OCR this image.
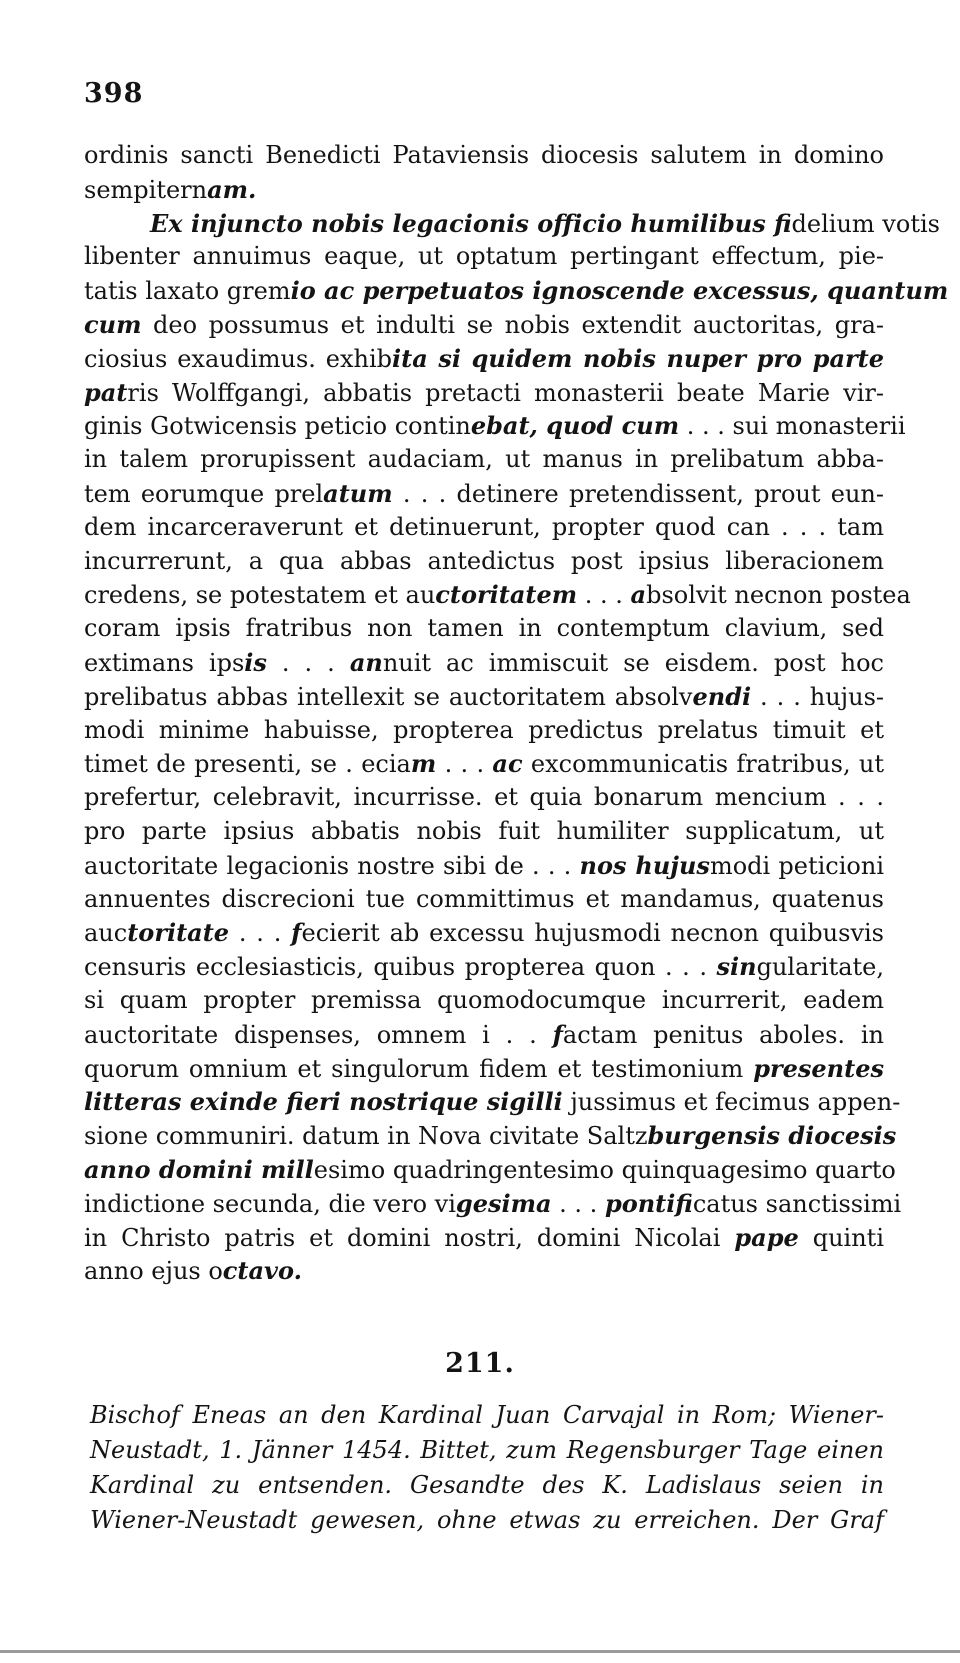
398
ordinis sancti Benedicti Pataviensis diocesis salutem in domino
sempiternam.
Ex injuncto nobis legacionis officio humilibus fidelium votis
libenter annuimus eaque, ut optatum pertingant effectum, pie-
tatis laxato gremio ac perpetuatos ignoscende excessus, quantum
cum deo possumus et indulti se nobis extendit auctoritas, gra-
ciosius exaudimus. exhibita si quidem nobis nuper pro parte
patris Wolffgangi, abbatis pretacti monasterii beate Marie vir-
ginis Gotwicensis peticio continebat, quod cum . . . sui monasterii
in talem prorupissent audaciam, ut manus in prelibatum abba-
tem eorumque prelatum . . . detinere pretendissent, prout eun-
dem incarceraverunt et detinuerunt, propter quod can . . . tam
incurrerunt, a qua abbas antedictus post ipsius liberacionem
credens, se potestatem et auctoritatem . . . absolvit necnon postea
coram ipsis fratribus non tamen in contemptum clavium, sed
extimans ipsis . . . annuit ac immiscuit se eisdem. post hoc
prelibatus abbas intellexit se auctoritatem absolvendi . . . hujus-
modi minime habuisse, propterea predictus prelatus timuit et
timet de presenti, se . eciam . . . ac excommunicatis fratribus, ut
prefertur, celebravit, incurrisse. et quia bonarum mencium . . .
pro parte ipsius abbatis nobis fuit humiliter supplicatum, ut
auctoritate legacionis nostre sibi de . . . nos hujusmodi peticioni
annuentes discrecioni tue committimus et mandamus, quatenus
auctoritate . . . fecierit ab excessu hujusmodi necnon quibusvis
censuris ecclesiasticis, quibus propterea quon . . . singularitate,
si quam propter premissa quomodocumque incurrerit, eadem
auctoritate dispenses, omnem i . . factam penitus aboles. in
quorum omnium et singulorum fidem et testimonium presentes
litteras exinde fieri nostrique sigilli jussimus et fecimus appen-
sione communiri. datum in Nova civitate Saltzburgensis diocesis
anno domini millesimo quadringentesimo quinquagesimo quarto
indictione secunda, die vero vigesima . . . pontificatus sanctissimi
in Christo patris et domini nostri, domini Nicolai pape quinti
anno ejus octavo.
211.
Bischof Eneas an den Kardinal Juan Carvajal in Rom; Wiener-
Neustadt, 1. Jänner 1454. Bittet, zum Regensburger Tage einen
Kardinal zu entsenden. Gesandte des K. Ladislaus seien in
Wiener-Neustadt gewesen, ohne etwas zu erreichen. Der Graf
